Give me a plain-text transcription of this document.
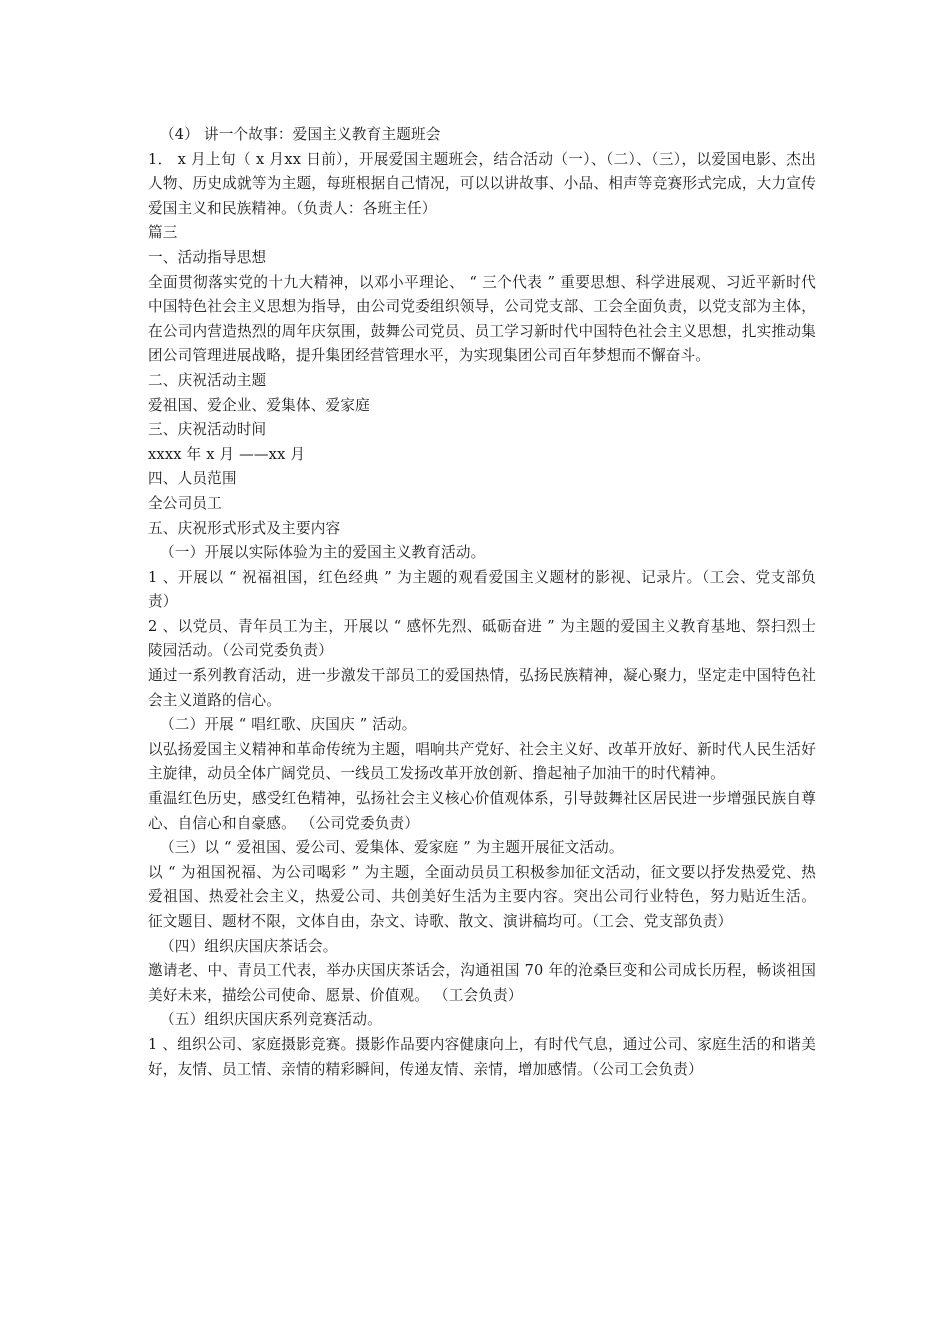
（4） 讲一个故事：爱国主义教育主题班会

1． x 月上旬（ x 月xx 日前），开展爱国主题班会，结合活动（一）、（二）、（三），以爱国电影、杰出人物、历史成就等为主题，每班根据自己情况，可以以讲故事、小品、相声等竞赛形式完成，大力宣传爱国主义和民族精神。（负责人：各班主任）

篇三

一、活动指导思想

全面贯彻落实党的十九大精神，以邓小平理论、 “ 三个代表 ” 重要思想、科学进展观、习近平新时代中国特色社会主义思想为指导，由公司党委组织领导，公司党支部、工会全面负责，以党支部为主体，在公司内营造热烈的周年庆氛围，鼓舞公司党员、员工学习新时代中国特色社会主义思想，扎实推动集团公司管理进展战略，提升集团经营管理水平，为实现集团公司百年梦想而不懈奋斗。

二、庆祝活动主题

爱祖国、爱企业、爱集体、爱家庭

三、庆祝活动时间

xxxx 年 x 月 ——xx 月

四、人员范围

全公司员工

五、庆祝形式形式及主要内容

（一）开展以实际体验为主的爱国主义教育活动。

1 、开展以 “ 祝福祖国，红色经典 ” 为主题的观看爱国主义题材的影视、记录片。（工会、党支部负责）

2 、以党员、青年员工为主，开展以 “ 感怀先烈、砥砺奋进 ” 为主题的爱国主义教育基地、祭扫烈士陵园活动。（公司党委负责）

通过一系列教育活动，进一步激发干部员工的爱国热情，弘扬民族精神，凝心聚力，坚定走中国特色社会主义道路的信心。

（二）开展 “ 唱红歌、庆国庆 ” 活动。

以弘扬爱国主义精神和革命传统为主题，唱响共产党好、社会主义好、改革开放好、新时代人民生活好主旋律，动员全体广阔党员、一线员工发扬改革开放创新、撸起袖子加油干的时代精神。

重温红色历史，感受红色精神，弘扬社会主义核心价值观体系，引导鼓舞社区居民进一步增强民族自尊心、自信心和自豪感。 （公司党委负责）

（三）以 “ 爱祖国、爱公司、爱集体、爱家庭 ” 为主题开展征文活动。

以 “ 为祖国祝福、为公司喝彩 ” 为主题，全面动员员工积极参加征文活动，征文要以抒发热爱党、热爱祖国、热爱社会主义，热爱公司、共创美好生活为主要内容。突出公司行业特色，努力贴近生活。 征文题目、题材不限，文体自由，杂文、诗歌、散文、演讲稿均可。（工会、党支部负责）

（四）组织庆国庆茶话会。

邀请老、中、青员工代表，举办庆国庆茶话会，沟通祖国 70 年的沧桑巨变和公司成长历程，畅谈祖国美好未来，描绘公司使命、愿景、价值观。 （工会负责）

（五）组织庆国庆系列竞赛活动。

1 、组织公司、家庭摄影竞赛。摄影作品要内容健康向上，有时代气息，通过公司、家庭生活的和谐美好，友情、员工情、亲情的精彩瞬间，传递友情、亲情，增加感情。（公司工会负责）
